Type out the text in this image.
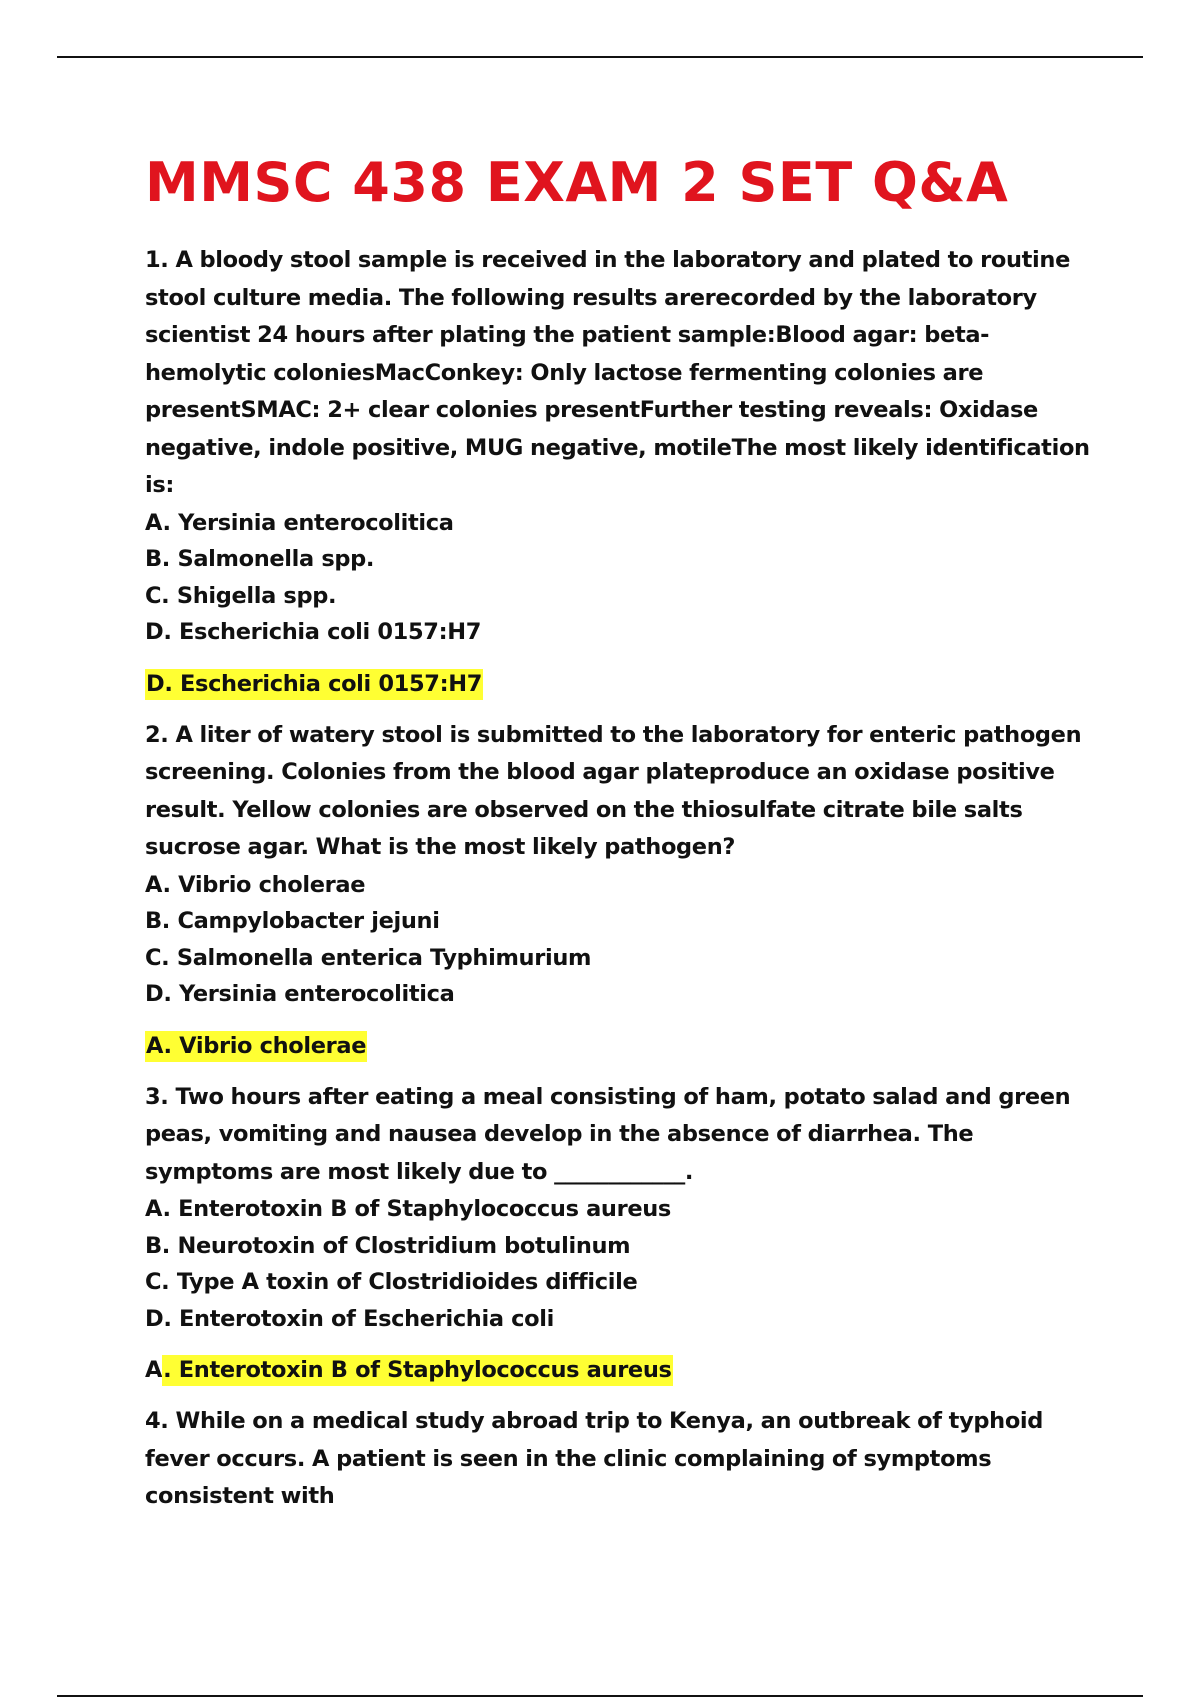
MMSC 438 EXAM 2 SET Q&A
1. A bloody stool sample is received in the laboratory and plated to routine stool culture media. The following results arerecorded by the laboratory scientist 24 hours after plating the patient sample:Blood agar: beta-hemolytic coloniesMacConkey: Only lactose fermenting colonies are presentSMAC: 2+ clear colonies presentFurther testing reveals: Oxidase negative, indole positive, MUG negative, motileThe most likely identification is:
A. Yersinia enterocolitica
B. Salmonella spp.
C. Shigella spp.
D. Escherichia coli 0157:H7
D. Escherichia coli 0157:H7
2. A liter of watery stool is submitted to the laboratory for enteric pathogen screening. Colonies from the blood agar plateproduce an oxidase positive result. Yellow colonies are observed on the thiosulfate citrate bile salts sucrose agar. What is the most likely pathogen?
A. Vibrio cholerae
B. Campylobacter jejuni
C. Salmonella enterica Typhimurium
D. Yersinia enterocolitica
A. Vibrio cholerae
3. Two hours after eating a meal consisting of ham, potato salad and green peas, vomiting and nausea develop in the absence of diarrhea. The symptoms are most likely due to ____________.
A. Enterotoxin B of Staphylococcus aureus
B. Neurotoxin of Clostridium botulinum
C. Type A toxin of Clostridioides difficile
D. Enterotoxin of Escherichia coli
A. Enterotoxin B of Staphylococcus aureus
4. While on a medical study abroad trip to Kenya, an outbreak of typhoid fever occurs. A patient is seen in the clinic complaining of symptoms consistent with
